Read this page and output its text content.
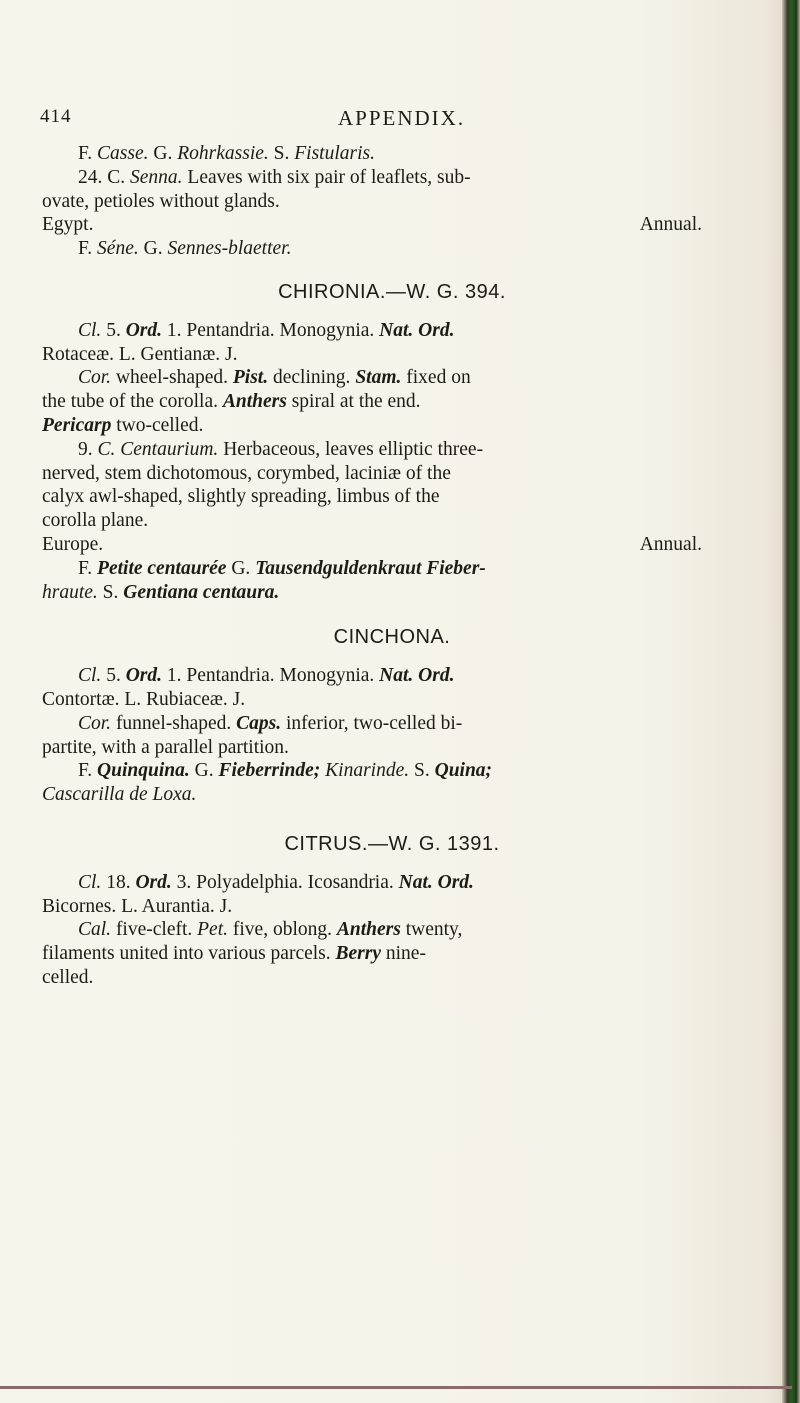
414	APPENDIX.

F. Casse. G. Rohrkassie. S. Fistularis.

24. C. Senna. Leaves with six pair of leaflets, sub-

ovate, petioles without glands.

Egypt.	Annual.

F. Séne. G. Sennes-blaetter.

CHIRONIA.—W. G. 394.

Cl. 5. Ord. 1. Pentandria. Monogynia. Nat. Ord.

Rotaceæ. L. Gentianæ. J.

Cor. wheel-shaped. Pist. declining. Stam. fixed on

the tube of the corolla. Anthers spiral at the end.

Pericarp two-celled.

9. C. Centaurium. Herbaceous, leaves elliptic three-

nerved, stem dichotomous, corymbed, laciniæ of the

calyx awl-shaped, slightly spreading, limbus of the

corolla plane.

Europe.	Annual.

F. Petite centaurée G. Tausendguldenkraut Fieber-

hraute. S. Gentiana centaura.

CINCHONA.

Cl. 5. Ord. 1. Pentandria. Monogynia. Nat. Ord.

Contortæ. L. Rubiaceæ. J.

Cor. funnel-shaped. Caps. inferior, two-celled bi-

partite, with a parallel partition.

F. Quinquina. G. Fieberrinde; Kinarinde. S. Quina;

Cascarilla de Loxa.

CITRUS.—W. G. 1391.

Cl. 18. Ord. 3. Polyadelphia. Icosandria. Nat. Ord.

Bicornes. L. Aurantia. J.

Cal. five-cleft. Pet. five, oblong. Anthers twenty,

filaments united into various parcels. Berry nine-

celled.
